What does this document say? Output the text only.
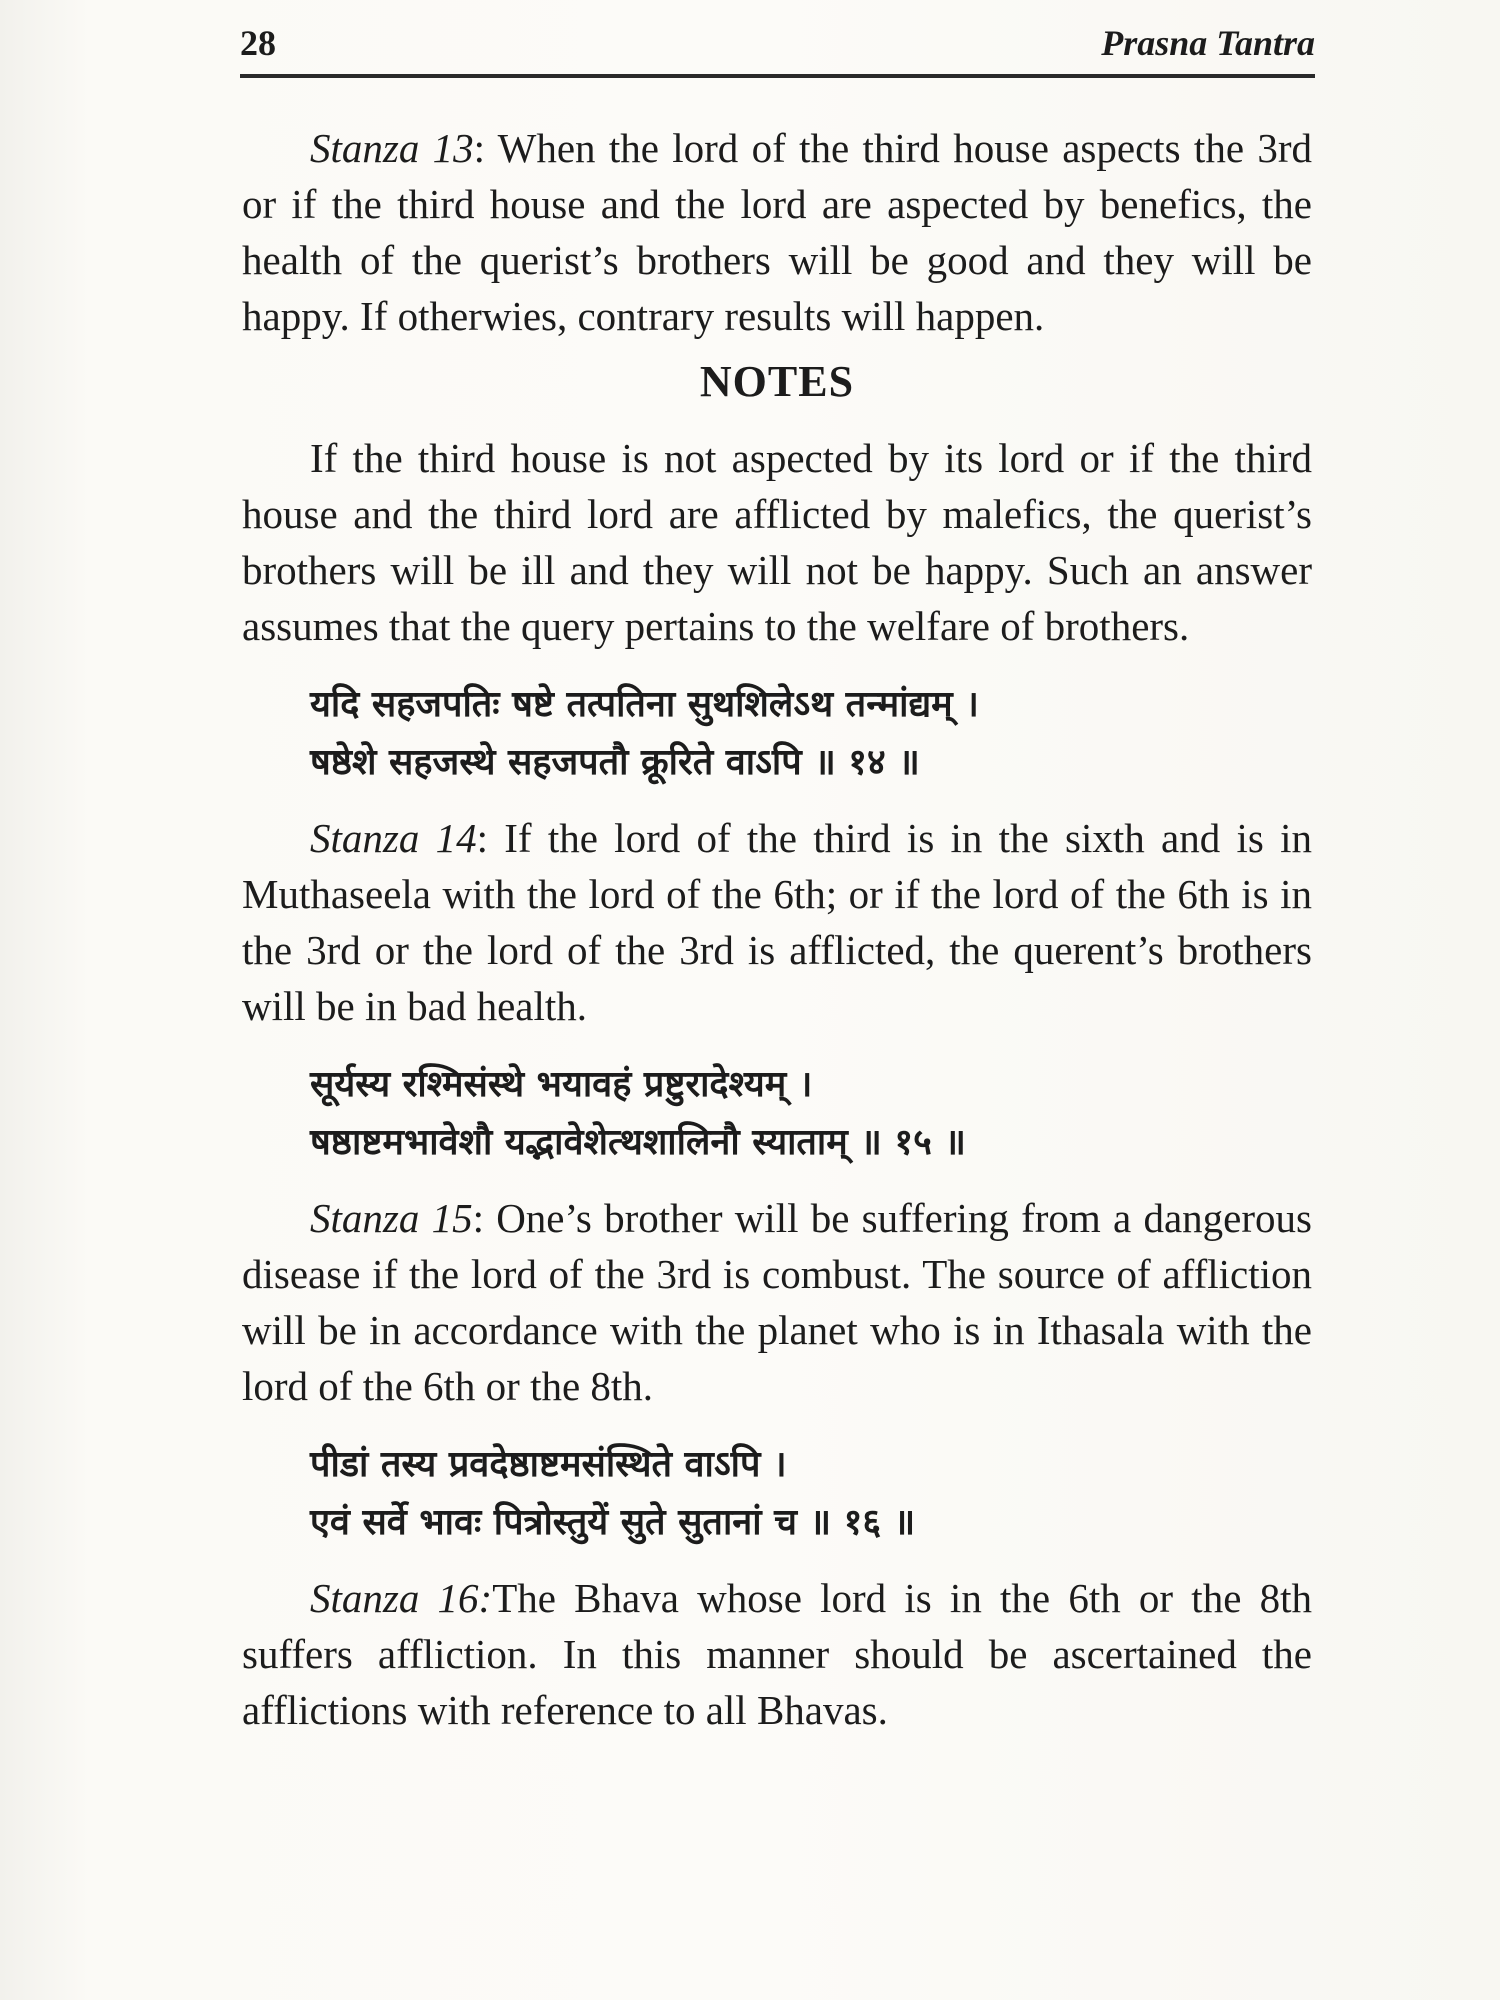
28	Prasna Tantra

Stanza 13: When the lord of the third house aspects the 3rd or if the third house and the lord are aspected by benefics, the health of the querist’s brothers will be good and they will be happy. If otherwies, contrary results will happen.

NOTES

If the third house is not aspected by its lord or if the third house and the third lord are afflicted by malefics, the querist’s brothers will be ill and they will not be happy. Such an answer assumes that the query pertains to the welfare of brothers.

यदि सहजपतिः षष्टे तत्पतिना सुथशिलेऽथ तन्मांद्यम् ।
षष्ठेशे सहजस्थे सहजपतौ क्रूरिते वाऽपि ॥ १४ ॥

Stanza 14: If the lord of the third is in the sixth and is in Muthaseela with the lord of the 6th; or if the lord of the 6th is in the 3rd or the lord of the 3rd is afflicted, the querent’s brothers will be in bad health.

सूर्यस्य रश्मिसंस्थे भयावहं प्रष्टुरादेश्यम् ।
षष्ठाष्टमभावेशौ यद्भावेशेत्थशालिनौ स्याताम् ॥ १५ ॥

Stanza 15: One’s brother will be suffering from a dangerous disease if the lord of the 3rd is combust. The source of affliction will be in accordance with the planet who is in Ithasala with the lord of the 6th or the 8th.

पीडां तस्य प्रवदेष्ठाष्टमसंस्थिते वाऽपि ।
एवं सर्वे भावः पित्रोस्तुयें सुते सुतानां च ॥ १६ ॥

Stanza 16:The Bhava whose lord is in the 6th or the 8th suffers affliction. In this manner should be ascertained the afflictions with reference to all Bhavas.
